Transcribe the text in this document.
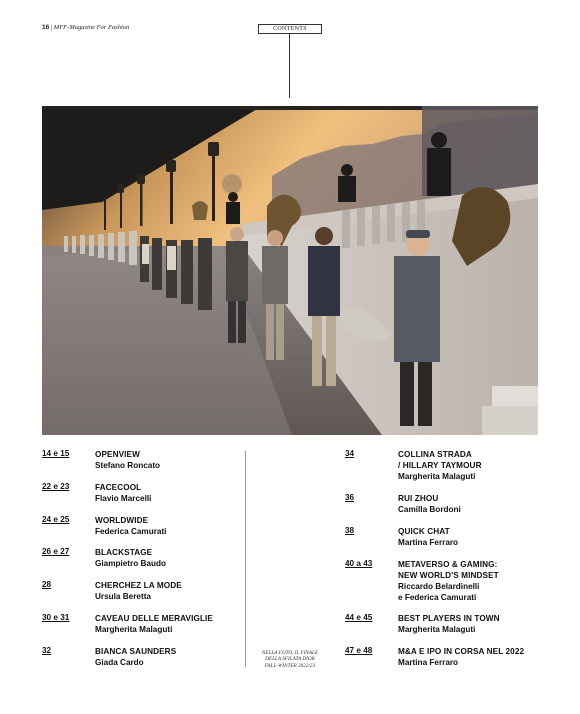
16 | MFF-Magazine For Fashion	CONTENTS
14 e 15	OPENVIEW
Stefano Roncato
22 e 23	FACECOOL
Flavio Marcelli
24 e 25	WORLDWIDE
Federica Camurati
26 e 27	BLACKSTAGE
Giampietro Baudo
28	CHERCHEZ LA MODE
Ursula Beretta
30 e 31	CAVEAU DELLE MERAVIGLIE
Margherita Malaguti
32	BIANCA SAUNDERS
Giada Cardo
34	COLLINA STRADA
/ HILLARY TAYMOUR
Margherita Malaguti
36	RUI ZHOU
Camilla Bordoni
38	QUICK CHAT
Martina Ferraro
40 a 43	METAVERSO & GAMING:
NEW WORLD'S MINDSET
Riccardo Belardinelli
e Federica Camurati
44 e 45	BEST PLAYERS IN TOWN
Margherita Malaguti
47 e 48	M&A E IPO IN CORSA NEL 2022
Martina Ferraro
NELLA FOTO, IL FINALE
DELLA SFILATA DIOR
FALL-WINTER 2022/23
